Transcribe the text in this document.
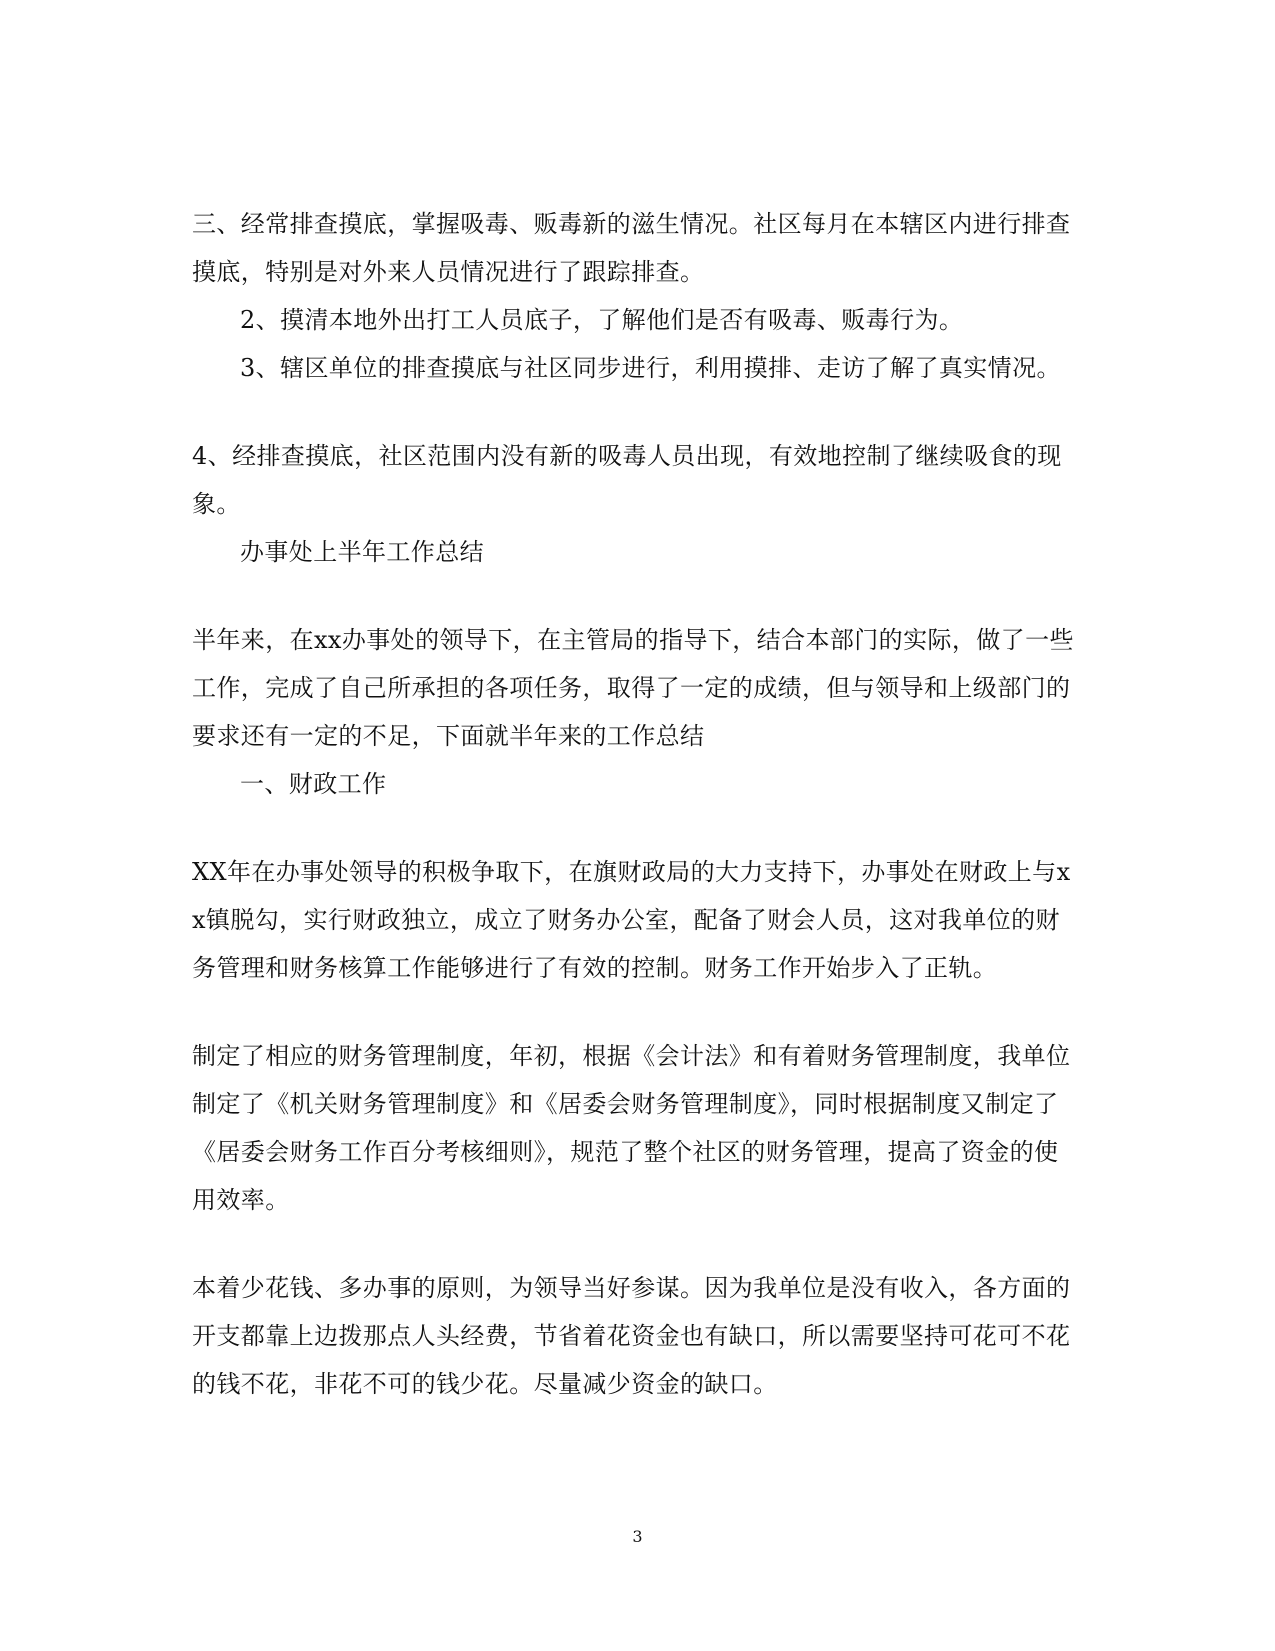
三、经常排查摸底，掌握吸毒、贩毒新的滋生情况。社区每月在本辖区内进行排查摸底，特别是对外来人员情况进行了跟踪排查。

2、摸清本地外出打工人员底子，了解他们是否有吸毒、贩毒行为。

3、辖区单位的排查摸底与社区同步进行，利用摸排、走访了解了真实情况。

4、经排查摸底，社区范围内没有新的吸毒人员出现，有效地控制了继续吸食的现象。

办事处上半年工作总结

半年来，在xx办事处的领导下，在主管局的指导下，结合本部门的实际，做了一些工作，完成了自己所承担的各项任务，取得了一定的成绩，但与领导和上级部门的要求还有一定的不足，下面就半年来的工作总结

一、财政工作

XX年在办事处领导的积极争取下，在旗财政局的大力支持下，办事处在财政上与xx镇脱勾，实行财政独立，成立了财务办公室，配备了财会人员，这对我单位的财务管理和财务核算工作能够进行了有效的控制。财务工作开始步入了正轨。

制定了相应的财务管理制度，年初，根据《会计法》和有着财务管理制度，我单位制定了《机关财务管理制度》和《居委会财务管理制度》，同时根据制度又制定了《居委会财务工作百分考核细则》，规范了整个社区的财务管理，提高了资金的使用效率。

本着少花钱、多办事的原则，为领导当好参谋。因为我单位是没有收入，各方面的开支都靠上边拨那点人头经费，节省着花资金也有缺口，所以需要坚持可花可不花的钱不花，非花不可的钱少花。尽量减少资金的缺口。

3
